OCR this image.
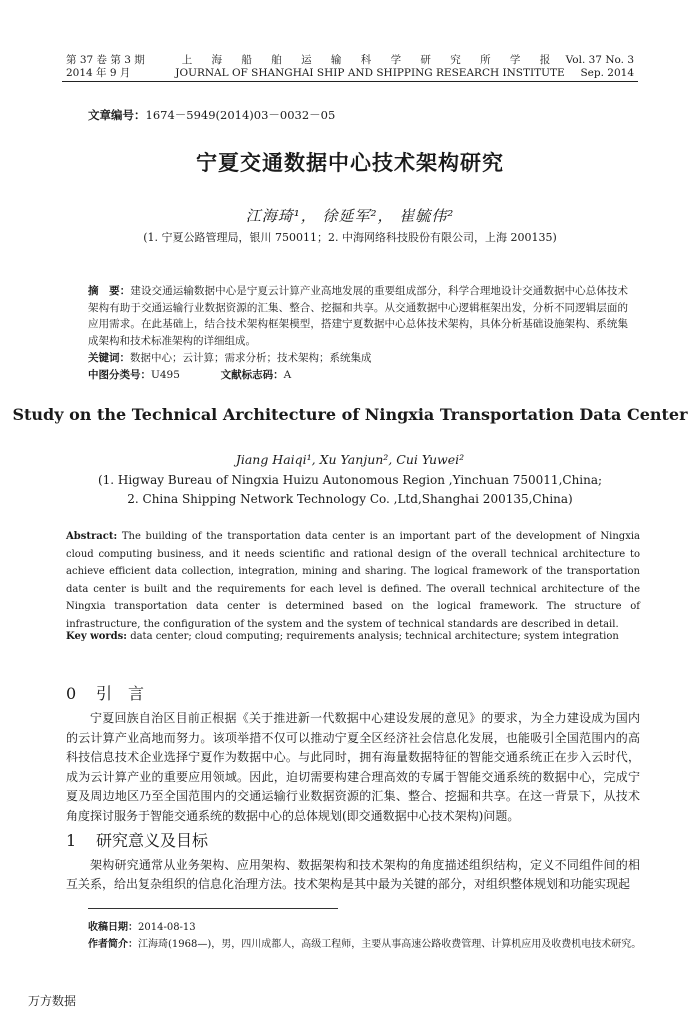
第 37 卷 第 3 期
2014 年 9 月
上 海 船 舶 运 输 科 学 研 究 所 学 报
JOURNAL OF SHANGHAI SHIP AND SHIPPING RESEARCH INSTITUTE
Vol. 37 No. 3
Sep. 2014
文章编号：1674－5949(2014)03－0032－05
宁夏交通数据中心技术架构研究
江海琦¹， 徐延军²， 崔毓伟²
(1. 宁夏公路管理局，银川 750011；2. 中海网络科技股份有限公司，上海 200135)
摘　要：建设交通运输数据中心是宁夏云计算产业高地发展的重要组成部分，科学合理地设计交通数据中心总体技术架构有助于交通运输行业数据资源的汇集、整合、挖掘和共享。从交通数据中心逻辑框架出发，分析不同逻辑层面的应用需求。在此基础上，结合技术架构框架模型，搭建宁夏数据中心总体技术架构，具体分析基础设施架构、系统集成架构和技术标准架构的详细组成。
关键词：数据中心；云计算；需求分析；技术架构；系统集成
中图分类号：U495	文献标志码：A
Study on the Technical Architecture of Ningxia Transportation Data Center
Jiang Haiqi¹, Xu Yanjun², Cui Yuwei²
(1. Higway Bureau of Ningxia Huizu Autonomous Region ,Yinchuan 750011,China;
2. China Shipping Network Technology Co. ,Ltd,Shanghai 200135,China)
Abstract: The building of the transportation data center is an important part of the development of Ningxia cloud computing business, and it needs scientific and rational design of the overall technical architecture to achieve efficient data collection, integration, mining and sharing. The logical framework of the transportation data center is built and the requirements for each level is defined. The overall technical architecture of the Ningxia transportation data center is determined based on the logical framework. The structure of infrastructure, the configuration of the system and the system of technical standards are described in detail.
Key words: data center; cloud computing; requirements analysis; technical architecture; system integration
0 引　言
宁夏回族自治区目前正根据《关于推进新一代数据中心建设发展的意见》的要求，为全力建设成为国内的云计算产业高地而努力。该项举措不仅可以推动宁夏全区经济社会信息化发展，也能吸引全国范围内的高科技信息技术企业选择宁夏作为数据中心。与此同时，拥有海量数据特征的智能交通系统正在步入云时代，成为云计算产业的重要应用领域。因此，迫切需要构建合理高效的专属于智能交通系统的数据中心，完成宁夏及周边地区乃至全国范围内的交通运输行业数据资源的汇集、整合、挖掘和共享。在这一背景下，从技术角度探讨服务于智能交通系统的数据中心的总体规划(即交通数据中心技术架构)问题。
1 研究意义及目标
架构研究通常从业务架构、应用架构、数据架构和技术架构的角度描述组织结构，定义不同组件间的相互关系，给出复杂组织的信息化治理方法。技术架构是其中最为关键的部分，对组织整体规划和功能实现起
收稿日期：2014-08-13
作者简介：江海琦(1968—)，男，四川成都人，高级工程师，主要从事高速公路收费管理、计算机应用及收费机电技术研究。
万方数据
